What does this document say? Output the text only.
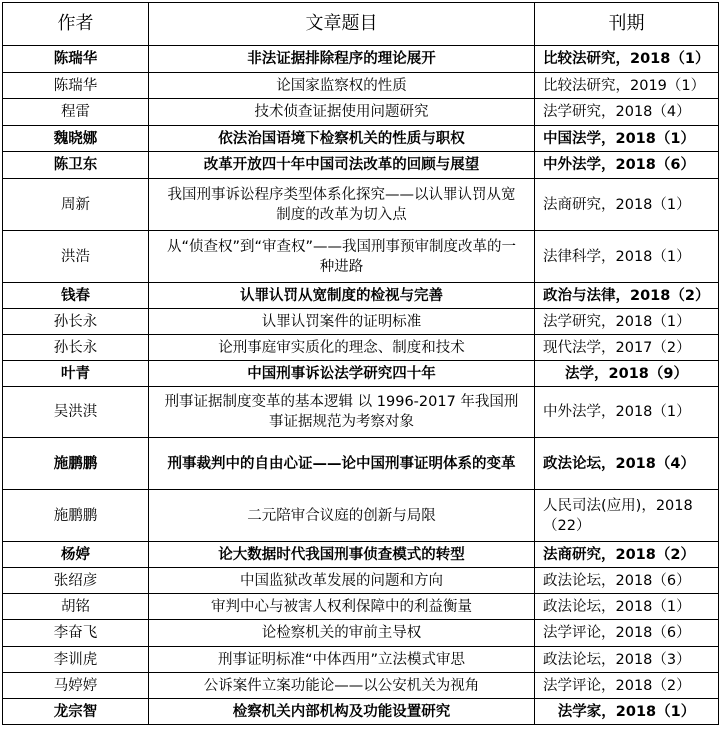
作者	文章题目	刊期
陈瑞华	非法证据排除程序的理论展开	比较法研究，2018（1）
陈瑞华	论国家监察权的性质	比较法研究，2019（1）
程雷	技术侦查证据使用问题研究	法学研究，2018（4）
魏晓娜	依法治国语境下检察机关的性质与职权	中国法学，2018（1）
陈卫东	改革开放四十年中国司法改革的回顾与展望	中外法学，2018（6）
周新	我国刑事诉讼程序类型体系化探究——以认罪认罚从宽制度的改革为切入点	法商研究，2018（1）
洪浩	从“侦查权”到“审查权”——我国刑事预审制度改革的一种进路	法律科学，2018（1）
钱春	认罪认罚从宽制度的检视与完善	政治与法律，2018（2）
孙长永	认罪认罚案件的证明标准	法学研究，2018（1）
孙长永	论刑事庭审实质化的理念、制度和技术	现代法学，2017（2）
叶青	中国刑事诉讼法学研究四十年	法学，2018（9）
吴洪淇	刑事证据制度变革的基本逻辑 以 1996-2017 年我国刑事证据规范为考察对象	中外法学，2018（1）
施鹏鹏	刑事裁判中的自由心证——论中国刑事证明体系的变革	政法论坛，2018（4）
施鹏鹏	二元陪审合议庭的创新与局限	人民司法(应用)，2018（22）
杨婷	论大数据时代我国刑事侦查模式的转型	法商研究，2018（2）
张绍彦	中国监狱改革发展的问题和方向	政法论坛，2018（6）
胡铭	审判中心与被害人权利保障中的利益衡量	政法论坛，2018（1）
李奋飞	论检察机关的审前主导权	法学评论，2018（6）
李训虎	刑事证明标准“中体西用”立法模式审思	政法论坛，2018（3）
马婷婷	公诉案件立案功能论——以公安机关为视角	法学评论，2018（2）
龙宗智	检察机关内部机构及功能设置研究	法学家，2018（1）
